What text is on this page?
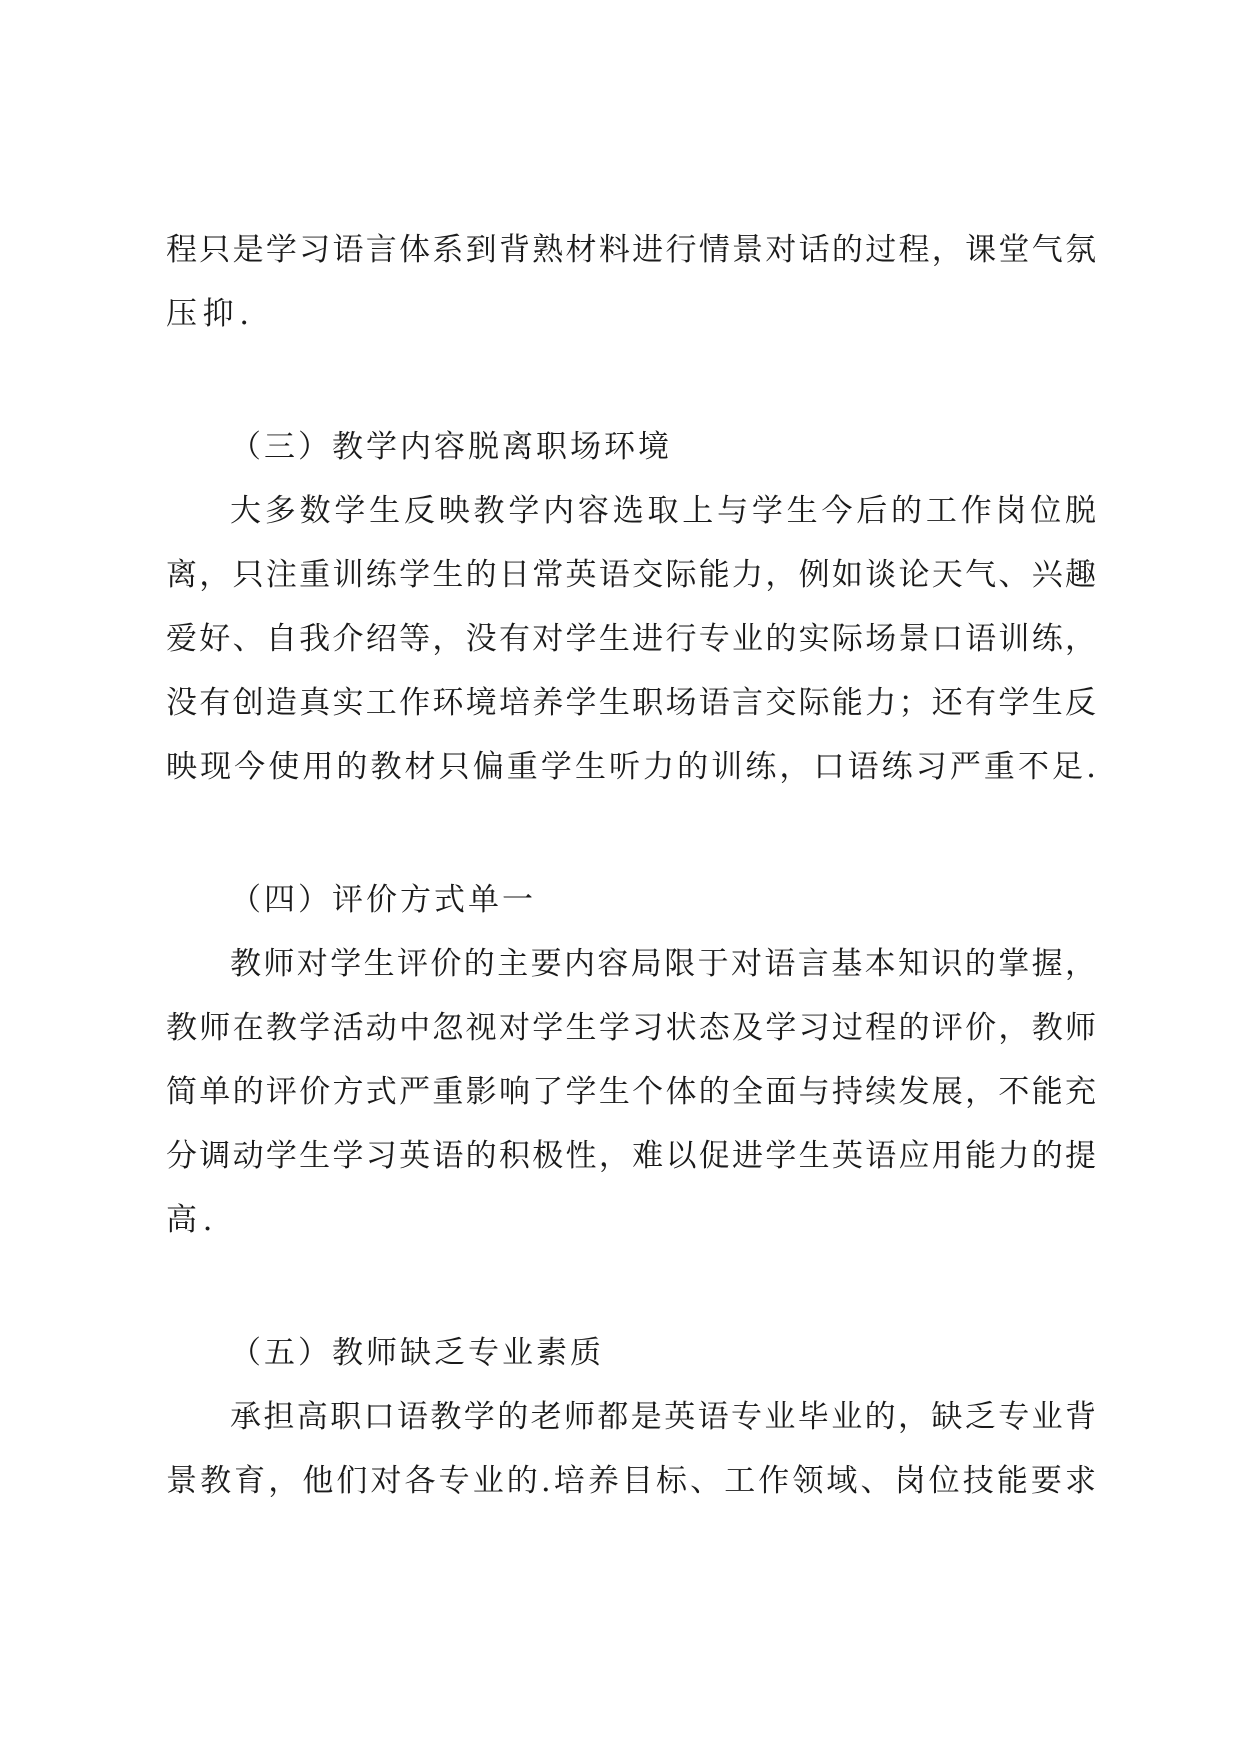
程只是学习语言体系到背熟材料进行情景对话的过程，课堂气氛
压抑.
（三）教学内容脱离职场环境
大多数学生反映教学内容选取上与学生今后的工作岗位脱
离，只注重训练学生的日常英语交际能力，例如谈论天气、兴趣
爱好、自我介绍等，没有对学生进行专业的实际场景口语训练，
没有创造真实工作环境培养学生职场语言交际能力；还有学生反
映现今使用的教材只偏重学生听力的训练，口语练习严重不足.
（四）评价方式单一
教师对学生评价的主要内容局限于对语言基本知识的掌握，
教师在教学活动中忽视对学生学习状态及学习过程的评价，教师
简单的评价方式严重影响了学生个体的全面与持续发展，不能充
分调动学生学习英语的积极性，难以促进学生英语应用能力的提
高.
（五）教师缺乏专业素质
承担高职口语教学的老师都是英语专业毕业的，缺乏专业背
景教育，他们对各专业的.培养目标、工作领域、岗位技能要求
